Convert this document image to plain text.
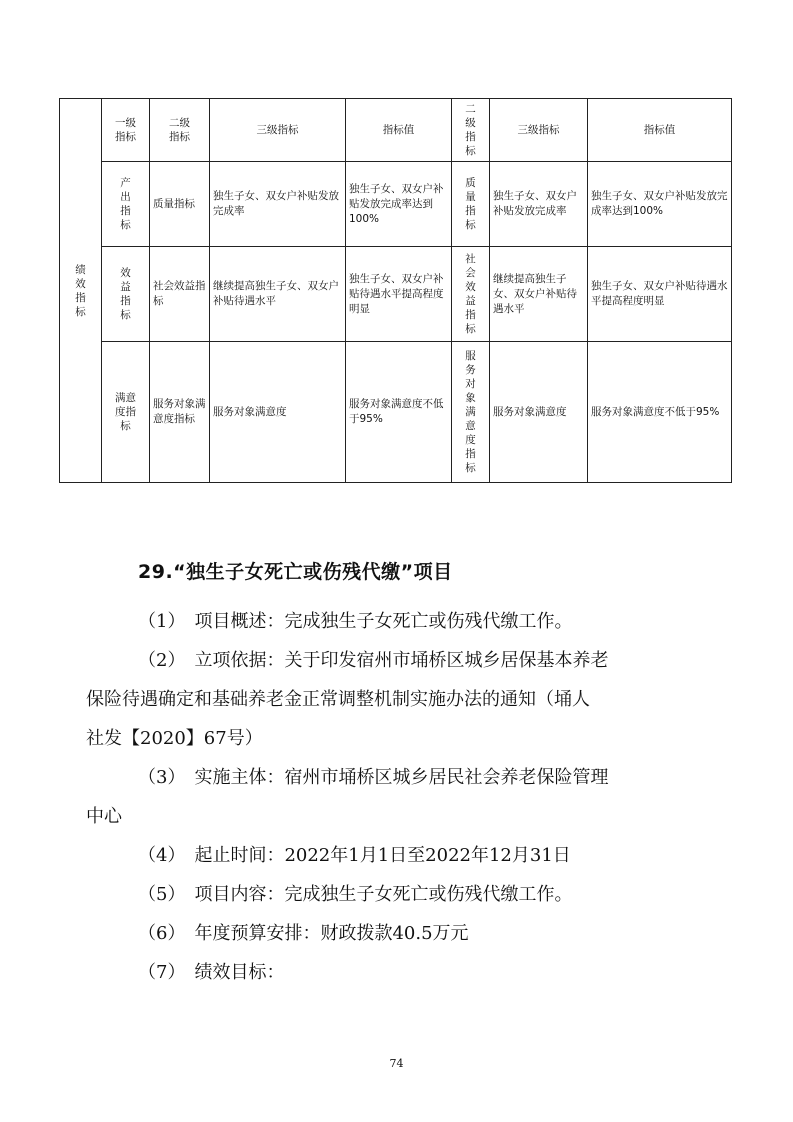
绩效指标	一级指标	二级指标	三级指标	指标值	二级指标	三级指标	指标值

	产出指标	质量指标	独生子女、双女户补贴发放完成率	独生子女、双女户补贴发放完成率达到100%	质量指标	独生子女、双女户补贴发放完成率	独生子女、双女户补贴发放完成率达到100%

	效益指标	社会效益指标	继续提高独生子女、双女户补贴待遇水平	独生子女、双女户补贴待遇水平提高程度明显	社会效益指标	继续提高独生子女、双女户补贴待遇水平	独生子女、双女户补贴待遇水平提高程度明显

	满意度指标	服务对象满意度指标	服务对象满意度	服务对象满意度不低于95%	服务对象满意度指标	服务对象满意度	服务对象满意度不低于95%
29.“独生子女死亡或伤残代缴”项目
（1）　项目概述：完成独生子女死亡或伤残代缴工作。
（2）　立项依据：关于印发宿州市埇桥区城乡居保基本养老
保险待遇确定和基础养老金正常调整机制实施办法的通知（埇人
社发【2020】67号）
（3）　实施主体：宿州市埇桥区城乡居民社会养老保险管理
中心
（4）　起止时间：2022年1月1日至2022年12月31日
（5）　项目内容：完成独生子女死亡或伤残代缴工作。
（6）　年度预算安排：财政拨款40.5万元
（7）　绩效目标：
74
